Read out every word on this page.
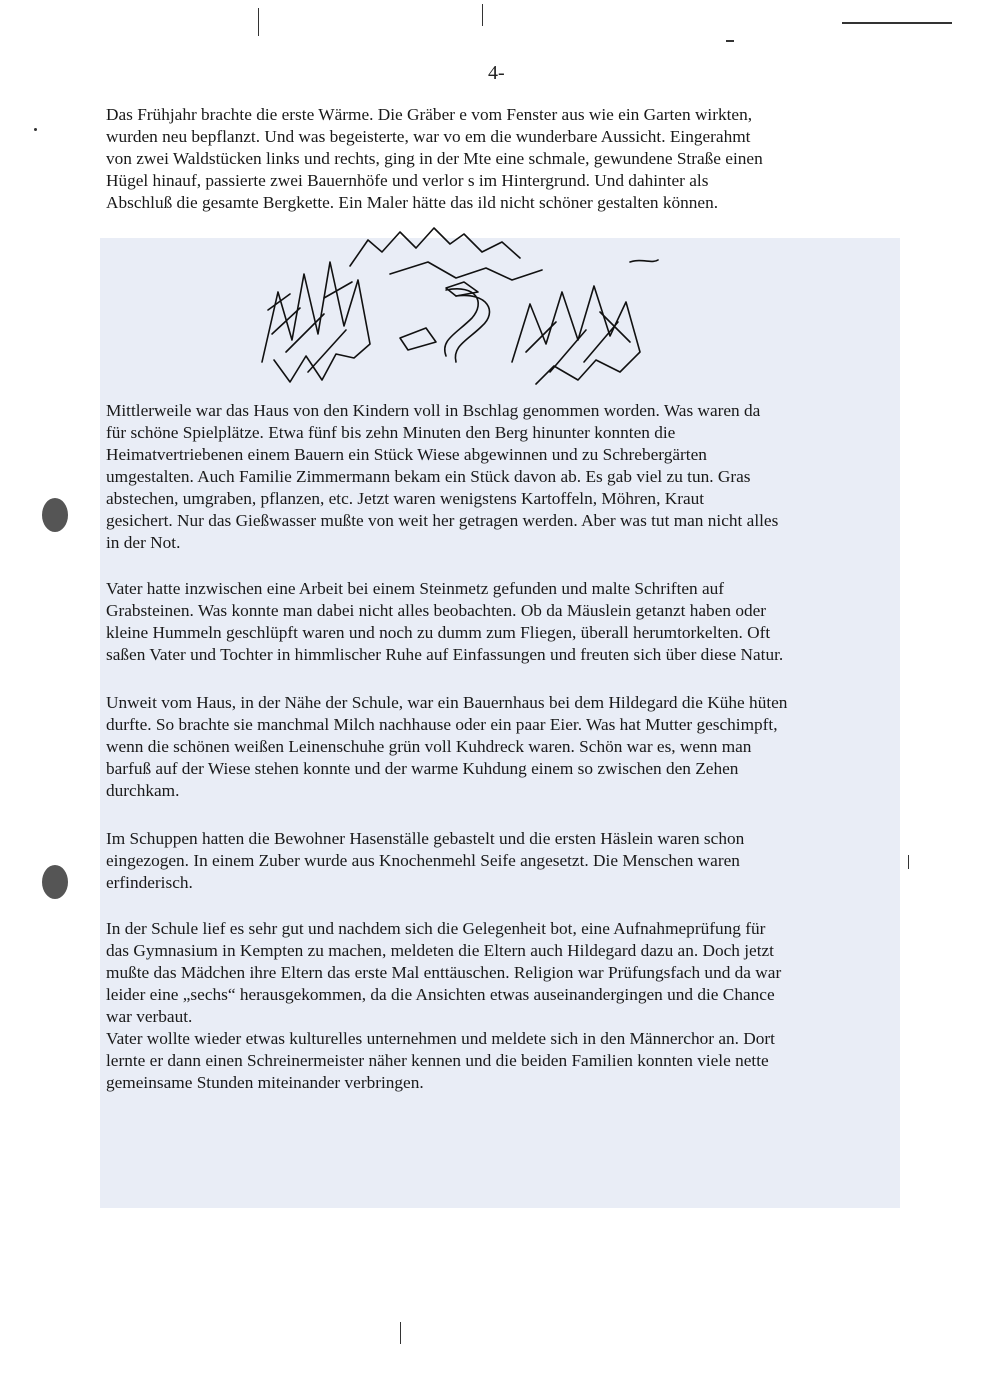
4-

Das Frühjahr brachte die erste Wärme. Die Gräber e vom Fenster aus wie ein Garten wirkten,
wurden neu bepflanzt. Und was begeisterte, war vo em die wunderbare Aussicht. Eingerahmt
von zwei Waldstücken links und rechts, ging in der Mte eine schmale, gewundene Straße einen
Hügel hinauf, passierte zwei Bauernhöfe und verlor s im Hintergrund. Und dahinter als
Abschluß die gesamte Bergkette. Ein Maler hätte das ild nicht schöner gestalten können.

Mittlerweile war das Haus von den Kindern voll in Bschlag genommen worden. Was waren da
für schöne Spielplätze. Etwa fünf bis zehn Minuten den Berg hinunter konnten die
Heimatvertriebenen einem Bauern ein Stück Wiese abgewinnen und zu Schrebergärten
umgestalten. Auch Familie Zimmermann bekam ein Stück davon ab. Es gab viel zu tun. Gras
abstechen, umgraben, pflanzen, etc. Jetzt waren wenigstens Kartoffeln, Möhren, Kraut
gesichert. Nur das Gießwasser mußte von weit her getragen werden. Aber was tut man nicht alles
in der Not.

Vater hatte inzwischen eine Arbeit bei einem Steinmetz gefunden und malte Schriften auf
Grabsteinen. Was konnte man dabei nicht alles beobachten. Ob da Mäuslein getanzt haben oder
kleine Hummeln geschlüpft waren und noch zu dumm zum Fliegen, überall herumtorkelten. Oft
saßen Vater und Tochter in himmlischer Ruhe auf Einfassungen und freuten sich über diese Natur.

Unweit vom Haus, in der Nähe der Schule, war ein Bauernhaus bei dem Hildegard die Kühe hüten
durfte. So brachte sie manchmal Milch nachhause oder ein paar Eier. Was hat Mutter geschimpft,
wenn die schönen weißen Leinenschuhe grün voll Kuhdreck waren. Schön war es, wenn man
barfuß auf der Wiese stehen konnte und der warme Kuhdung einem so zwischen den Zehen
durchkam.

Im Schuppen hatten die Bewohner Hasenställe gebastelt und die ersten Häslein waren schon
eingezogen. In einem Zuber wurde aus Knochenmehl Seife angesetzt. Die Menschen waren
erfinderisch.

In der Schule lief es sehr gut und nachdem sich die Gelegenheit bot, eine Aufnahmeprüfung für
das Gymnasium in Kempten zu machen, meldeten die Eltern auch Hildegard dazu an. Doch jetzt
mußte das Mädchen ihre Eltern das erste Mal enttäuschen. Religion war Prüfungsfach und da war
leider eine „sechs“ herausgekommen, da die Ansichten etwas auseinandergingen und die Chance
war verbaut.
Vater wollte wieder etwas kulturelles unternehmen und meldete sich in den Männerchor an. Dort
lernte er dann einen Schreinermeister näher kennen und die beiden Familien konnten viele nette
gemeinsame Stunden miteinander verbringen.
